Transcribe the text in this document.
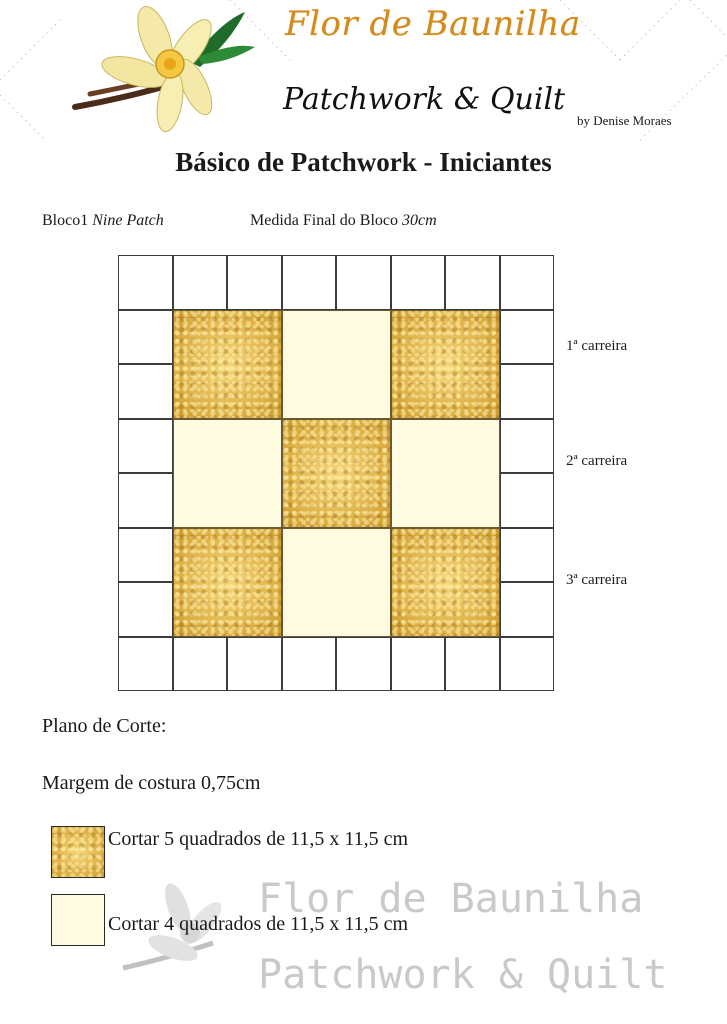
Flor de Baunilha
Patchwork & Quilt
by Denise Moraes
Básico de Patchwork - Iniciantes
Bloco1 Nine Patch	Medida Final do Bloco 30cm
1ª carreira
2ª carreira
3ª carreira
Flor de Baunilha
Patchwork & Quilt
Plano de Corte:
Margem de costura 0,75cm
Cortar 5 quadrados de 11,5 x 11,5 cm
Cortar 4 quadrados de 11,5 x 11,5 cm
